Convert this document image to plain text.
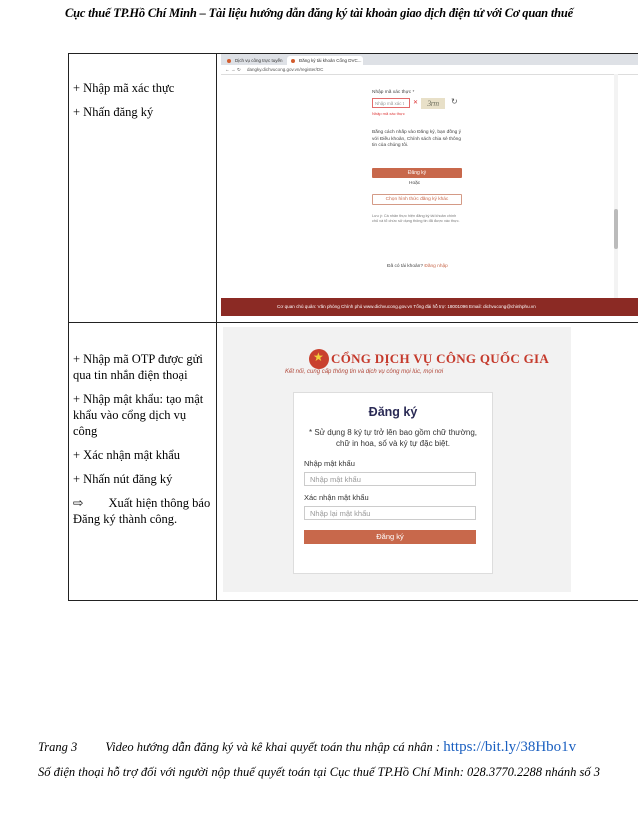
Cục thuế TP.Hồ Chí Minh – Tài liệu hướng dẫn đăng ký tài khoản giao dịch điện tử với Cơ quan thuế

+ Nhập mã xác thực

+ Nhấn đăng ký

Dịch vụ công trực tuyến	Đăng ký tài khoản Cổng DVC...
← → ↻ dangky.dichvucong.gov.vn/register/DC
Nhập mã xác thực *
Nhập mã xác t	✕	3rm	↻
Nhập mã xác thực
Bằng cách nhấp vào Đăng ký, bạn đồng ý với Điều khoản, Chính sách chia sẻ thông tin của chúng tôi.
Đăng ký
Hoặc
Chọn hình thức đăng ký khác
Lưu ý: Cá nhân thực hiện đăng ký tài khoản chính chủ và tổ chức sử dụng thông tin đã được xác thực.
Đã có tài khoản? Đăng nhập
Cơ quan chủ quản: Văn phòng Chính phủ www.dichvucong.gov.vn Tổng đài hỗ trợ: 18001096 Email: dichvucong@chinhphu.vn

+ Nhập mã OTP được gửi qua tin nhắn điện thoại

+ Nhập mật khẩu: tạo mật khẩu vào cổng dịch vụ công

+ Xác nhận mật khẩu

+ Nhấn nút đăng ký

⇨ Xuất hiện thông báo Đăng ký thành công.

★
CỔNG DỊCH VỤ CÔNG QUỐC GIA
Kết nối, cung cấp thông tin và dịch vụ công mọi lúc, mọi nơi
Đăng ký
* Sử dụng 8 ký tự trở lên bao gồm chữ thường, chữ in hoa, số và ký tự đặc biệt.
Nhập mật khẩu
Nhập mật khẩu
Xác nhận mật khẩu
Nhập lại mật khẩu
Đăng ký
Trang 3 Video hướng dẫn đăng ký và kê khai quyết toán thu nhập cá nhân : https://bit.ly/38Hbo1v
Số điện thoại hỗ trợ đối với người nộp thuế quyết toán tại Cục thuế TP.Hồ Chí Minh: 028.3770.2288 nhánh số 3
